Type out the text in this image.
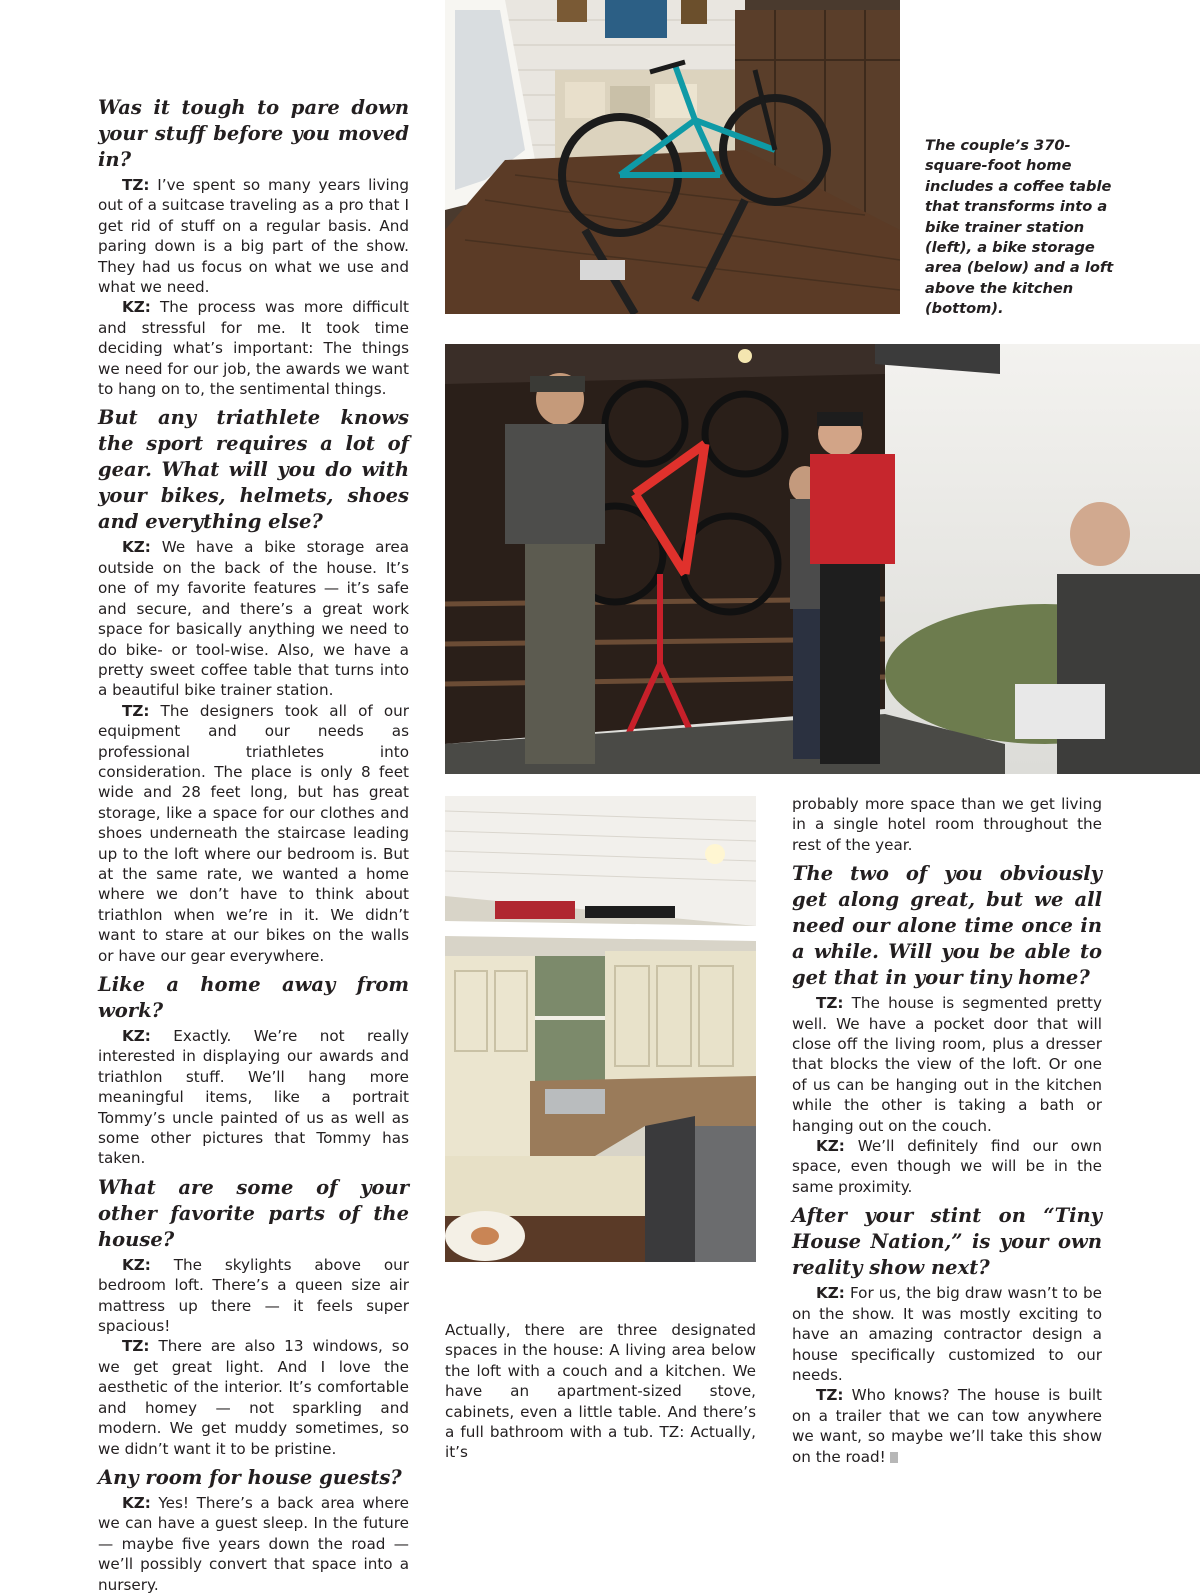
Was it tough to pare down your stuff before you moved in?

TZ: I’ve spent so many years living out of a suitcase traveling as a pro that I get rid of stuff on a regular basis. And paring down is a big part of the show. They had us focus on what we use and what we need.

KZ: The process was more difficult and stressful for me. It took time deciding what’s important: The things we need for our job, the awards we want to hang on to, the sentimental things.

But any triathlete knows the sport requires a lot of gear. What will you do with your bikes, helmets, shoes and everything else?

KZ: We have a bike storage area outside on the back of the house. It’s one of my favorite features — it’s safe and secure, and there’s a great work space for basically anything we need to do bike- or tool-wise. Also, we have a pretty sweet coffee table that turns into a beautiful bike trainer station.

TZ: The designers took all of our equipment and our needs as professional triathletes into consideration. The place is only 8 feet wide and 28 feet long, but has great storage, like a space for our clothes and shoes underneath the staircase leading up to the loft where our bedroom is. But at the same rate, we wanted a home where we don’t have to think about triathlon when we’re in it. We didn’t want to stare at our bikes on the walls or have our gear everywhere.

Like a home away from work?

KZ: Exactly. We’re not really interested in displaying our awards and triathlon stuff. We’ll hang more meaningful items, like a portrait Tommy’s uncle painted of us as well as some other pictures that Tommy has taken.

What are some of your other favorite parts of the house?

KZ: The skylights above our bedroom loft. There’s a queen size air mattress up there — it feels super spacious!

TZ: There are also 13 windows, so we get great light. And I love the aesthetic of the interior. It’s comfortable and homey — not sparkling and modern. We get muddy sometimes, so we didn’t want it to be pristine.

Any room for house guests?

KZ: Yes! There’s a back area where we can have a guest sleep. In the future — maybe five years down the road — we’ll possibly convert that space into a nursery.

The couple’s 370-square-foot home includes a coffee table that transforms into a bike trainer station (left), a bike storage area (below) and a loft above the kitchen (bottom).

Actually, there are three designated spaces in the house: A living area below the loft with a couch and a kitchen. We have an apartment-sized stove, cabinets, even a little table. And there’s a full bathroom with a tub. TZ: Actually, it’s

probably more space than we get living in a single hotel room throughout the rest of the year.

The two of you obviously get along great, but we all need our alone time once in a while. Will you be able to get that in your tiny home?

TZ: The house is segmented pretty well. We have a pocket door that will close off the living room, plus a dresser that blocks the view of the loft. Or one of us can be hanging out in the kitchen while the other is taking a bath or hanging out on the couch.

KZ: We’ll definitely find our own space, even though we will be in the same proximity.

After your stint on “Tiny House Nation,” is your own reality show next?

KZ: For us, the big draw wasn’t to be on the show. It was mostly exciting to have an amazing contractor design a house specifically customized to our needs.

TZ: Who knows? The house is built on a trailer that we can tow anywhere we want, so maybe we’ll take this show on the road!
